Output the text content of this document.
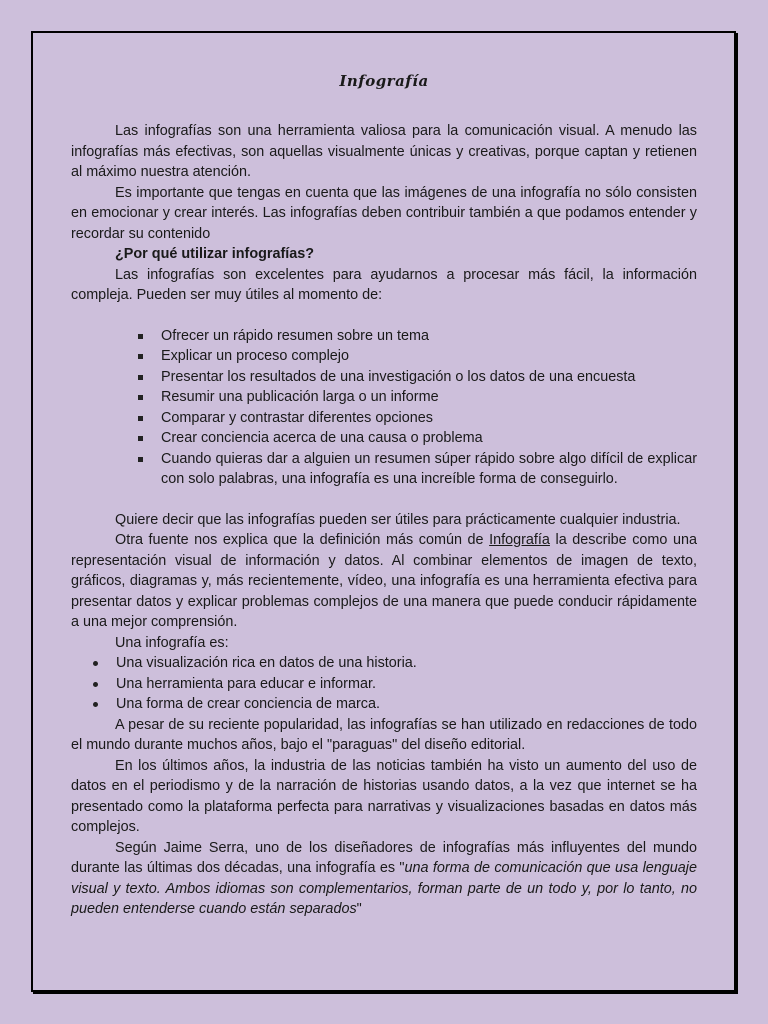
Infografía

Las infografías son una herramienta valiosa para la comunicación visual. A menudo las infografías más efectivas, son aquellas visualmente únicas y creativas, porque captan y retienen al máximo nuestra atención.

Es importante que tengas en cuenta que las imágenes de una infografía no sólo consisten en emocionar y crear interés. Las infografías deben contribuir también a que podamos entender y recordar su contenido

¿Por qué utilizar infografías?

Las infografías son excelentes para ayudarnos a procesar más fácil, la información compleja. Pueden ser muy útiles al momento de:

Ofrecer un rápido resumen sobre un tema
Explicar un proceso complejo
Presentar los resultados de una investigación o los datos de una encuesta
Resumir una publicación larga o un informe
Comparar y contrastar diferentes opciones
Crear conciencia acerca de una causa o problema
Cuando quieras dar a alguien un resumen súper rápido sobre algo difícil de explicar con solo palabras, una infografía es una increíble forma de conseguirlo.

Quiere decir que las infografías pueden ser útiles para prácticamente cualquier industria.

Otra fuente nos explica que la definición más común de Infografía la describe como una representación visual de información y datos. Al combinar elementos de imagen de texto, gráficos, diagramas y, más recientemente, vídeo, una infografía es una herramienta efectiva para presentar datos y explicar problemas complejos de una manera que puede conducir rápidamente a una mejor comprensión.

Una infografía es:

Una visualización rica en datos de una historia.
Una herramienta para educar e informar.
Una forma de crear conciencia de marca.

A pesar de su reciente popularidad, las infografías se han utilizado en redacciones de todo el mundo durante muchos años, bajo el "paraguas" del diseño editorial.

En los últimos años, la industria de las noticias también ha visto un aumento del uso de datos en el periodismo y de la narración de historias usando datos, a la vez que internet se ha presentado como la plataforma perfecta para narrativas y visualizaciones basadas en datos más complejos.

Según Jaime Serra, uno de los diseñadores de infografías más influyentes del mundo durante las últimas dos décadas, una infografía es "una forma de comunicación que usa lenguaje visual y texto. Ambos idiomas son complementarios, forman parte de un todo y, por lo tanto, no pueden entenderse cuando están separados"
